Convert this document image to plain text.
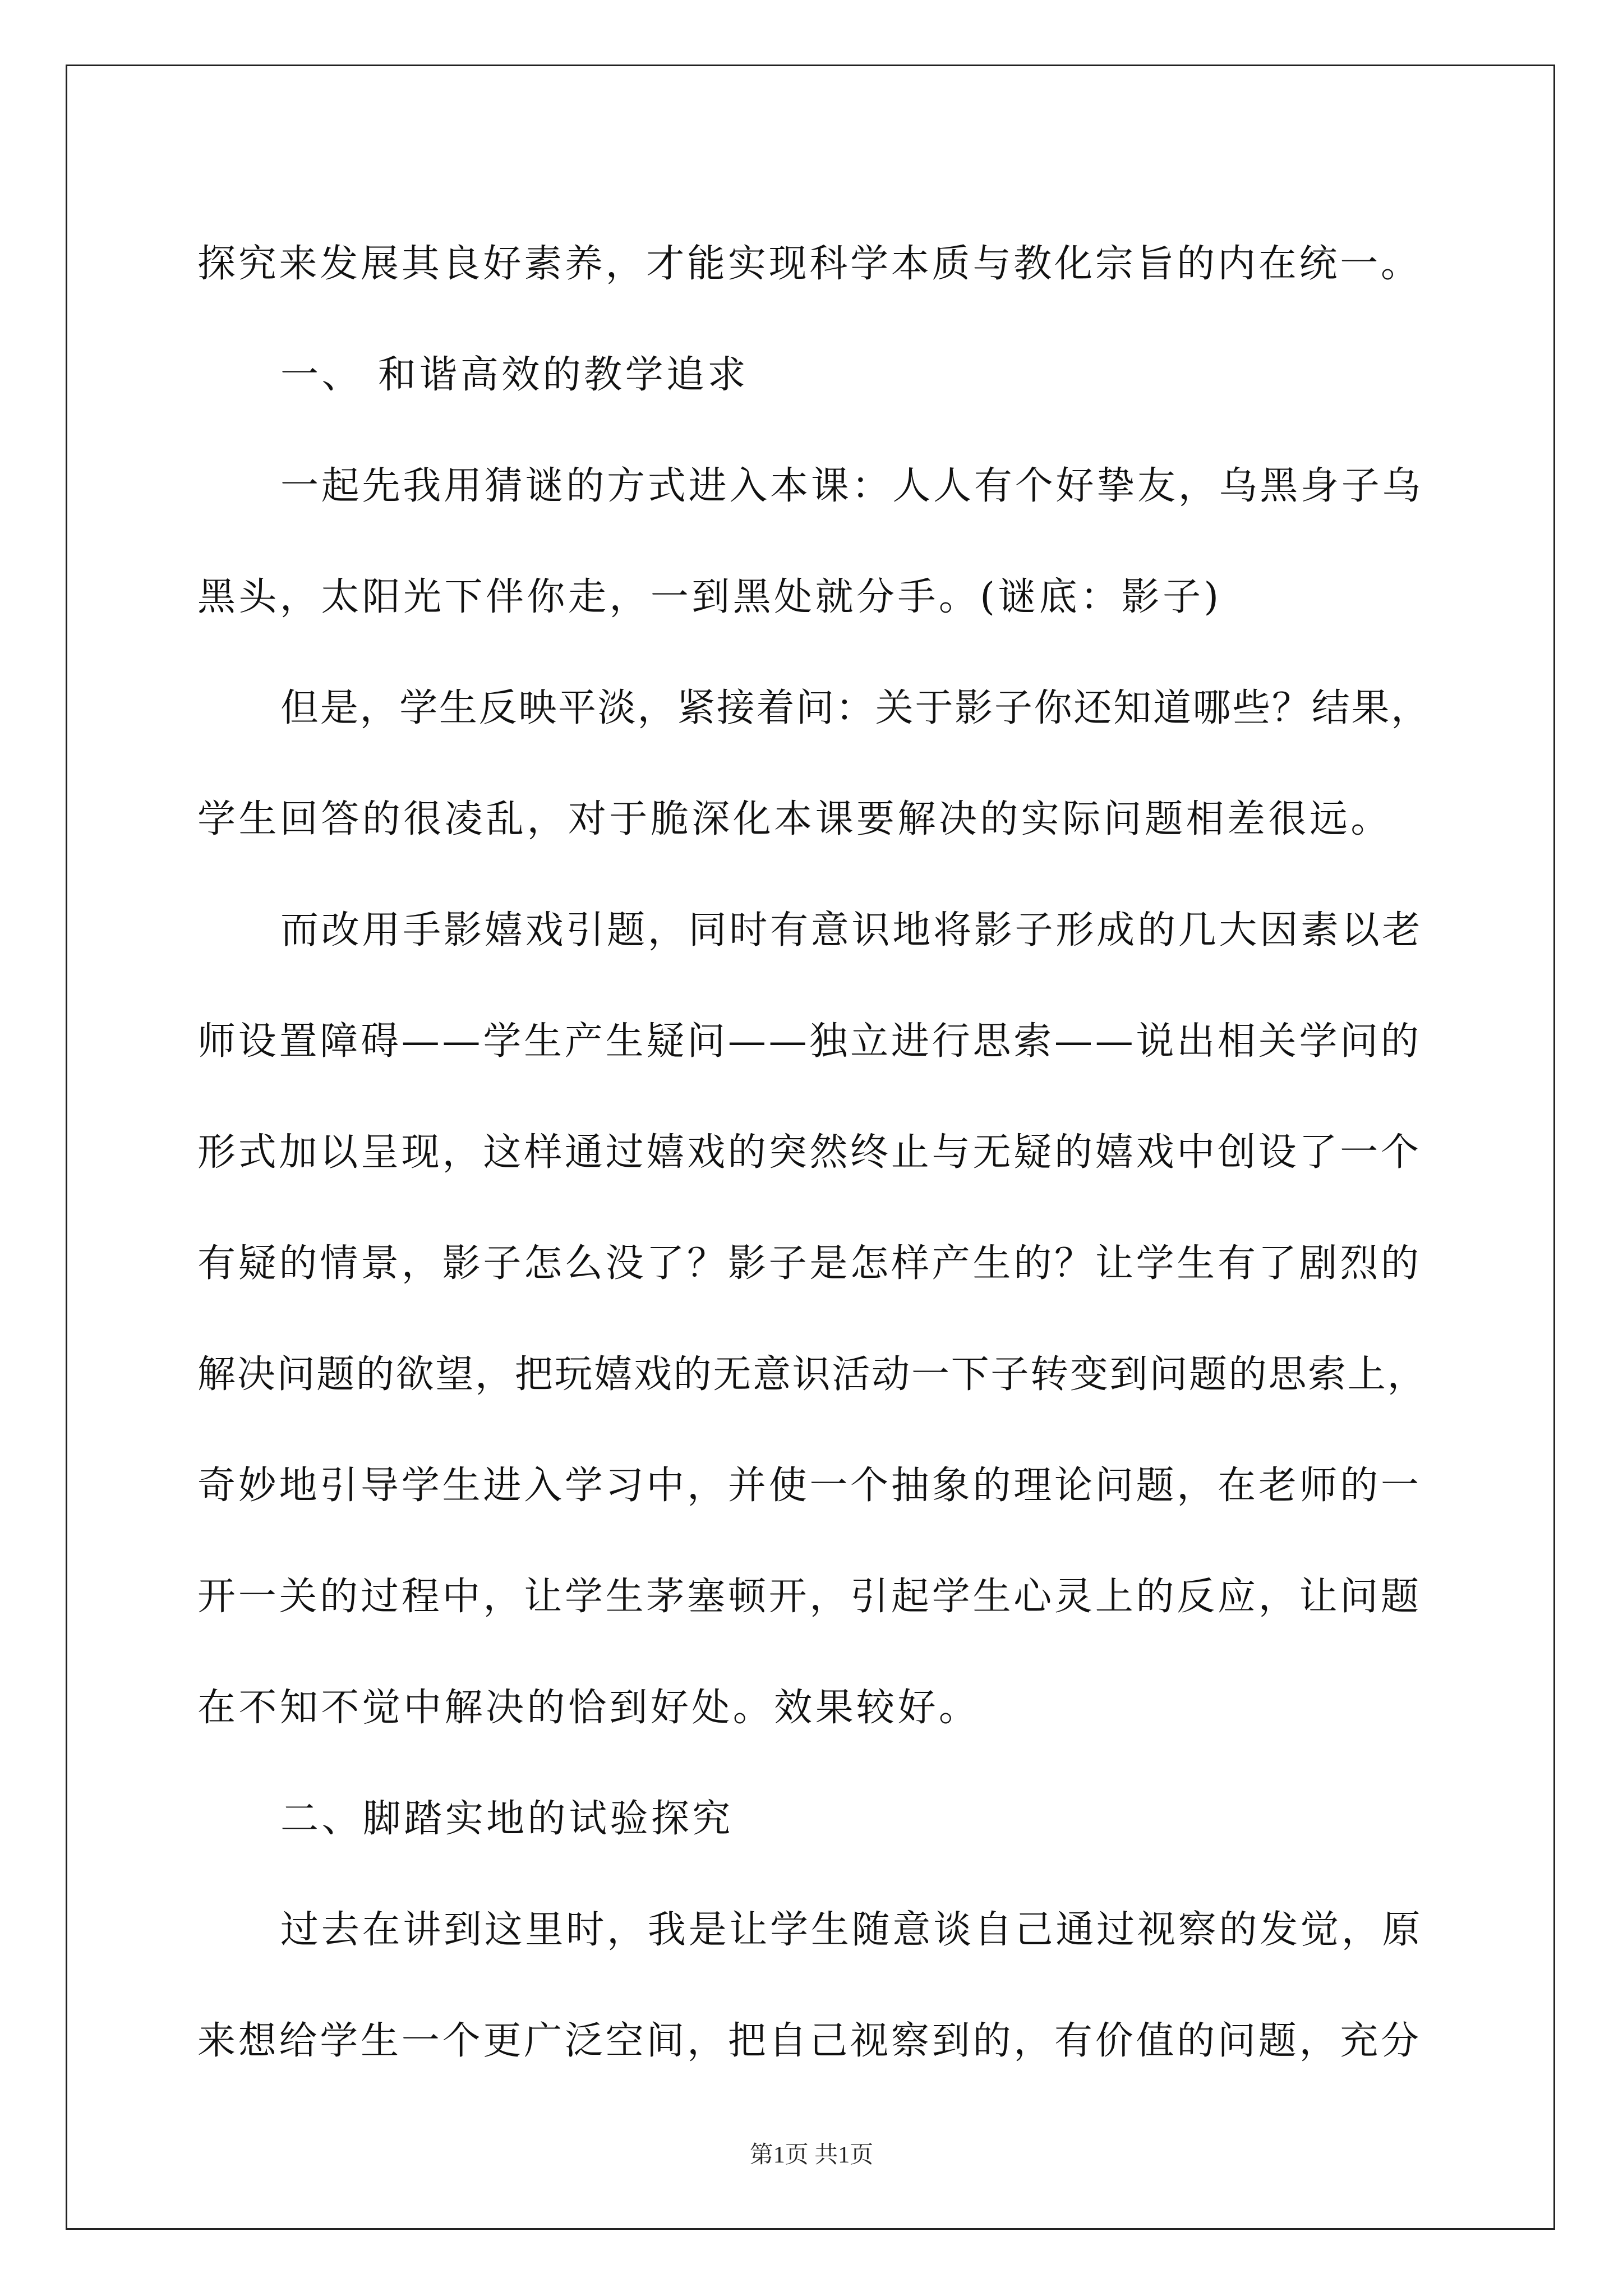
探究来发展其良好素养，才能实现科学本质与教化宗旨的内在统一。

一、 和谐高效的教学追求

一起先我用猜谜的方式进入本课：人人有个好挚友，乌黑身子乌

黑头，太阳光下伴你走，一到黑处就分手。(谜底：影子)

但是，学生反映平淡，紧接着问：关于影子你还知道哪些？结果，

学生回答的很凌乱，对于脆深化本课要解决的实际问题相差很远。

而改用手影嬉戏引题，同时有意识地将影子形成的几大因素以老

师设置障碍——学生产生疑问——独立进行思索——说出相关学问的

形式加以呈现，这样通过嬉戏的突然终止与无疑的嬉戏中创设了一个

有疑的情景，影子怎么没了？影子是怎样产生的？让学生有了剧烈的

解决问题的欲望，把玩嬉戏的无意识活动一下子转变到问题的思索上，

奇妙地引导学生进入学习中，并使一个抽象的理论问题，在老师的一

开一关的过程中，让学生茅塞顿开，引起学生心灵上的反应，让问题

在不知不觉中解决的恰到好处。效果较好。

二、脚踏实地的试验探究

过去在讲到这里时，我是让学生随意谈自己通过视察的发觉，原

来想给学生一个更广泛空间，把自己视察到的，有价值的问题，充分

第1页 共1页
